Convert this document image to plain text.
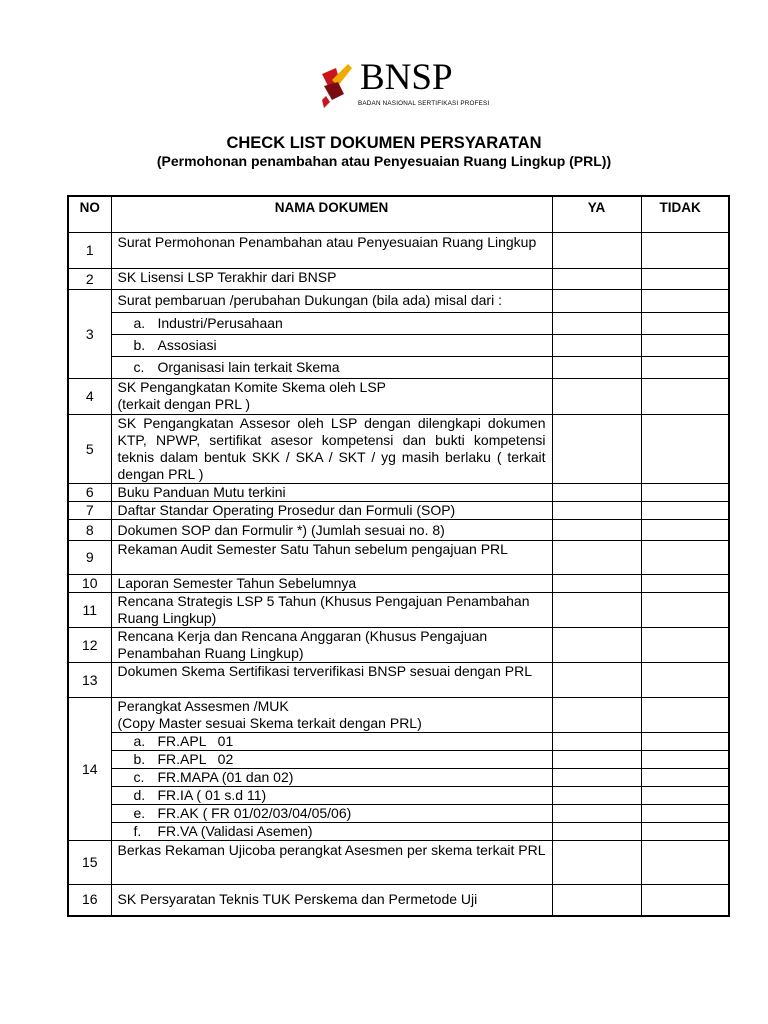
BNSP
BADAN NASIONAL SERTIFIKASI PROFESI
CHECK LIST DOKUMEN PERSYARATAN
(Permohonan penambahan atau Penyesuaian Ruang Lingkup (PRL))
NO	NAMA DOKUMEN	YA	TIDAK
1	Surat Permohonan Penambahan atau Penyesuaian Ruang Lingkup		
2	SK Lisensi LSP Terakhir dari BNSP		
3	Surat pembaruan /perubahan Dukungan (bila ada) misal dari :		
	a. Industri/Perusahaan		
	b. Assosiasi		
	c. Organisasi lain terkait Skema		
4	SK Pengangkatan Komite Skema oleh LSP
(terkait dengan PRL )		

5	SK Pengangkatan Assesor oleh LSP dengan dilengkapi dokumen KTP, NPWP, sertifikat asesor kompetensi dan bukti kompetensi teknis dalam bentuk SKK / SKA / SKT / yg masih berlaku ( terkait dengan PRL )		
6	Buku Panduan Mutu terkini		
7	Daftar Standar Operating Prosedur dan Formuli (SOP)		
8	Dokumen SOP dan Formulir *) (Jumlah sesuai no. 8)		
9	Rekaman Audit Semester Satu Tahun sebelum pengajuan PRL		
10	Laporan Semester Tahun Sebelumnya		
11	Rencana Strategis LSP 5 Tahun (Khusus Pengajuan Penambahan Ruang Lingkup)		
12	Rencana Kerja dan Rencana Anggaran (Khusus Pengajuan Penambahan Ruang Lingkup)		
13	Dokumen Skema Sertifikasi terverifikasi BNSP sesuai dengan PRL		
14	Perangkat Assesmen /MUK
(Copy Master sesuai Skema terkait dengan PRL)		

	a. FR.APL   01		
	b. FR.APL   02		
	c. FR.MAPA (01 dan 02)		
	d. FR.IA ( 01 s.d 11)		
	e. FR.AK ( FR 01/02/03/04/05/06)		
	f. FR.VA (Validasi Asemen)		
15	Berkas Rekaman Ujicoba perangkat Asesmen per skema terkait PRL		
16	SK Persyaratan Teknis TUK Perskema dan Permetode Uji		
